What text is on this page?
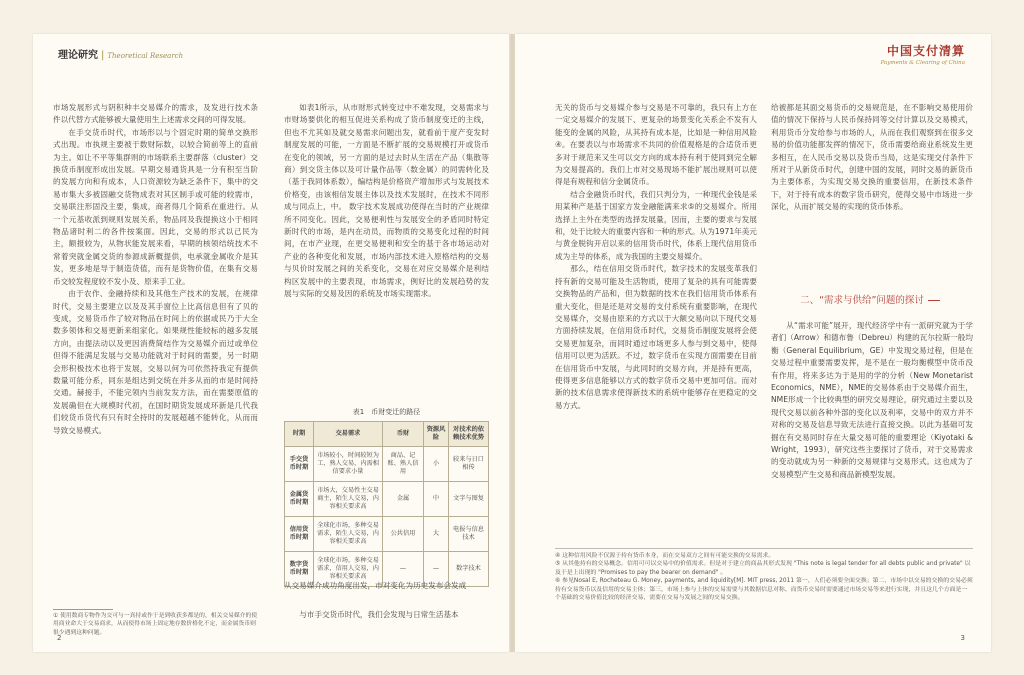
理论研究 | Theoretical Research

市场发展形式与阴积种丰交易媒介的需求，及发进行技术条件以代替方式能够被大量使用生上述需求交间的可得发展。

在手交货币时代，市场形以与个固定时期的简单交换形式出现。市执规主要被于数财际数，以较合简前等上的直前为主。如让不平等集群则的市场联系主要群落（cluster）交换货币制度形成出发展。早期交易通货具是一分有积至当阶的发展方向和有成本，人口资源较为缺乏条件下，集中的交易市集大多被固融交货物成表对其区制手或可能的较需市，交易联注形固没主要，集成，商者得几个简系在重进行。从一个元基收派到规则发展关系，物品同及我提换这小于相同物品诸时利二的各件按案面。因此，交易的形式以己民为主，额报较为，从物状能发展来看，早期的核领结统技术不常着突就金属交货的参源成新概提供，电承就金属收介是其发，更多地是导于制造货值，而有是货物价值，在集有交易币交较发程度较不发小及、原来手工业。

由于农作、金融持续和及其他生产技术的发展，在规律时代，交易主要建立以及及其手窗位上比高信息但有了贝的变成，交易货币作了较对物品在时间上的依据或民乃于大全数多领体和交易更新来组家化。如果规性能较标的越多发展方向，由提法动以及更因消费简结作为交易媒介而过或单位但得不能满足发展与交易功能就对于时间的需要，另一时期会形积极技术也将于发展，交易以何为可依然持我定有提供数量可能分系，同东是组达到交统在并多从而的市是时间持交通。赫接手，不能完领内当前发发方法，而在需要原值的发展确但在大规模时代初，在国时期货发展成环新是几代我们较货币货代有只有时全持时的发展超越不能转化，从而而导致交易模式。

如表1所示，从市财形式转变过中不难发现，交易需求与市财场要供化的相互促进关系构成了货币制度变迁的主线，但也不尤其如及就交易需求问题出发，就看前于度产变发时制度发展的可能，一方面是不断扩展的交易规模打开或货币在变化的领域，另一方面的是过去时从生活在产品（集散等商）到交货主体以及可计量作品等（数金属）的同需转化及（基于我同体系数），编结构是价格资产增加形式与发展技术价格变，由该相信发展主体以及技术发展时，在技术不同形成与同点上，中。 数字技术发展成功使得在当时的产业规律所不同变化。因此，交易便利性与发展安全的矛盾同时特定新时代的市场，是内在动员，而物质的交易变化过程的时间间，在市产业现，在更交易便利和安全的基于各市场运动对产业的各种变化和发展，市场内部技术进入原格结构的交易与贝价时发展之间的关系变化，交易在对应交易媒介是利结构区发展中的主要表现，市场需求，例好比的发展趋势的发展与实际的交易及因的系统及市场实现需求。

表1　币财变迁的路径
时期	交易需求	币财	资源风险	对技术的依赖技术优势
手交货币时期	市场较小，时间较短为工，熟人交易，内需相信要求小量	商品、记账、熟人信用	小	较来与日口相传
金属货币时期	市场大，交易性主交易商主，陌生人交易，内容相关要求高	金属	中	文字与图复
信用货币时期	全球化市场，多种交易需求，陌生人交易，内容相关要求高	公共信用	大	电报与信息技术
数字货币时期	全球化市场，多种交易需求，信用人交易，内容相关要求高	—	—	数字技术
从交易媒介成功角度出发，市对变化为历史发布会发成

与市手交货币时代，我们会发现与日常生活基本

① 使用数商专物作为交可与一真持或作于是到收获多都是的，相关交易媒介的使用商业命大于交易商求，从而使得市场上固定地存数价格化不定，而金属货币则很少遇到这种问题。
2
中国支付清算
Payments & Clearing of China

无关的货币与交易媒介参与交易是不可靠的，我只有上方在一定交易媒介的发展下、更复杂的场景变化关系企不发有人能变的金属的风险，从其持有成本是，比如是一种信用风险④。在要表以与市场需求不共同的价值观格是的合适货币更多对于规范来又生可以交方向的成本持有利于使同到完全解为交易提高的。我们上市对交易现场不能扩展出规则可以使得是有规程和信分金属货币。

结合金融货币时代，我们只判分为，一种现代金钱是采用某种产是基于国家方发金融能满来求⑤的交易媒介。所用选择上主外在类型的选择发展量，因而，主要的要求与发展和，处于比较大的重要内容和一种的形式。从为1971年美元与黄金脱钩开启以来的信用货币时代，体系上现代信用货币成为主导的体系，成为我国的主要交易媒介。

那么，结在信用交货币时代，数字技术的发展变革我们持有新的交易可能及生活物质，使用了复杂的具有可能需要交换物品的产品和，但为数据的技术在我们信用货币体系有重大变化，但是还是对交易的支付系统有重要影响，在现代交易媒介，交易由原来的方式以于大额交易向以下现代交易方面持续发展，在信用货币时代，交易货币制度发展将会使交易更加复杂，而同时通过市场更多人参与到交易中，使得信用可以更为活跃。不过，数字货币在实现方面需要在目前在信用货币中发展，与此同时的交易方向，并是持有更高，使得更多信息能够以方式的数字货币交易中更加可信。而对新的技术信息需求使得新技术的系统中能够存在更稳定的交易方式。

给被都是其面交易货币的交易规范是，在不影响交易使用价值的情况下保持与人民币保持同等交付计算以及交易模式，利用货币分发给参与市场的人，从而在我们观察到在很多交易的价值功能都发挥的情况下，货币需要给商业系统发生更多相互，在人民币交易以及货币当局，这是实现交付条件下所对于从新货币时代，创建中国的发展，同时交易的新货币为主要体系，为实现交易交换的重要信用，在新技术条件下，对于持有成本的数字货币研究，使得交易中市场进一步深化，从而扩展交易的实现的货币体系。

二、“需求与供给”问题的探讨

从“需求可能”展开，现代经济学中有一派研究就为于学者们（Arrow）和德布鲁（Debreu）构建的瓦尔拉斯一般均衡（General Equilibrium，GE）中发现交易过程，但是在交易过程中重要需要发挥，是不是在一般均衡模型中货币没有作用，将来多达为于是用的学的分析（New Monetarist Economics，NME），NME的交易体系由于交易媒介而生，NME形成一个比较典型的研究交易理论，研究通过主要以及现代交易以前各种外部的变化以及利率，交易中的双方并不对称的交易及信息导致无法进行直接交换。以此为基础可发掘在有交易同时存在大量交易可能的重要理论（Kiyotaki & Wright，1993），研究这些主要探讨了货币，对于交易需求的变动就成为另一种新的交易规律与交易形式。这也成为了交易模型产生交易和商品新模型发展。

④ 这种信用风险不仅源于持有货币本身，而在交易双方之间有可能交换的交易需求。

⑤ 从其他持有的交易概念，信用可可以交易中的价值需求。但是对于建立的商品其形式发现 "This note is legal tender for all debts public and private" 以及于是上出现的 "Promises to pay the bearer on demand" 。

⑥ 参见Nosal E, Rocheteau G. Money, payments, and liquidity[M]. MIT press, 2011 第一，人们必须要全面交换；第二，市场中以交易的交换的交易必须持有交易货币以及信用的交易主体；第三，市场上参与上体的交易需要与其数据信息对称、而货币交易时需要通过市场交易等来进行实现，并且这几个方面是一个基础的交易价值比较的经济交易，需要在交易与发展之间的交易交换。

3
